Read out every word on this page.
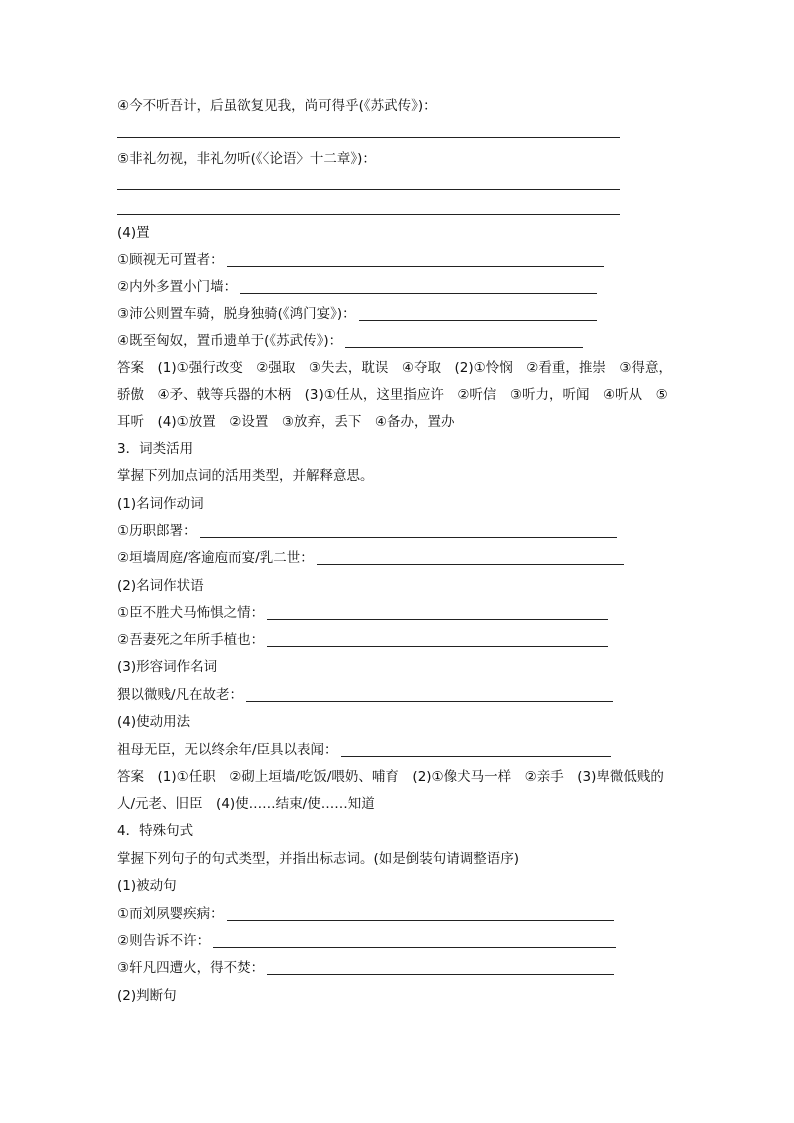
④今不听吾计，后虽欲复见我，尚可得乎(《苏武传》)：
⑤非礼勿视，非礼勿听(《〈论语〉十二章》)：
(4)置
①顾视无可置者：
②内外多置小门墙：
③沛公则置车骑，脱身独骑(《鸿门宴》)：
④既至匈奴，置币遗单于(《苏武传》)：
答案　(1)①强行改变　②强取　③失去，耽误　④夺取　(2)①怜悯　②看重，推崇　③得意，
骄傲　④矛、戟等兵器的木柄　(3)①任从，这里指应许　②听信　③听力，听闻　④听从　⑤
耳听　(4)①放置　②设置　③放弃，丢下　④备办，置办
3．词类活用
掌握下列加点词的活用类型，并解释意思。
(1)名词作动词
①历职郎署：
②垣墙周庭/客逾庖而宴/乳二世：
(2)名词作状语
①臣不胜犬马怖惧之情：
②吾妻死之年所手植也：
(3)形容词作名词
猥以微贱/凡在故老：
(4)使动用法
祖母无臣，无以终余年/臣具以表闻：
答案　(1)①任职　②砌上垣墙/吃饭/喂奶、哺育　(2)①像犬马一样　②亲手　(3)卑微低贱的
人/元老、旧臣　(4)使……结束/使……知道
4．特殊句式
掌握下列句子的句式类型，并指出标志词。(如是倒装句请调整语序)
(1)被动句
①而刘夙婴疾病：
②则告诉不许：
③轩凡四遭火，得不焚：
(2)判断句
